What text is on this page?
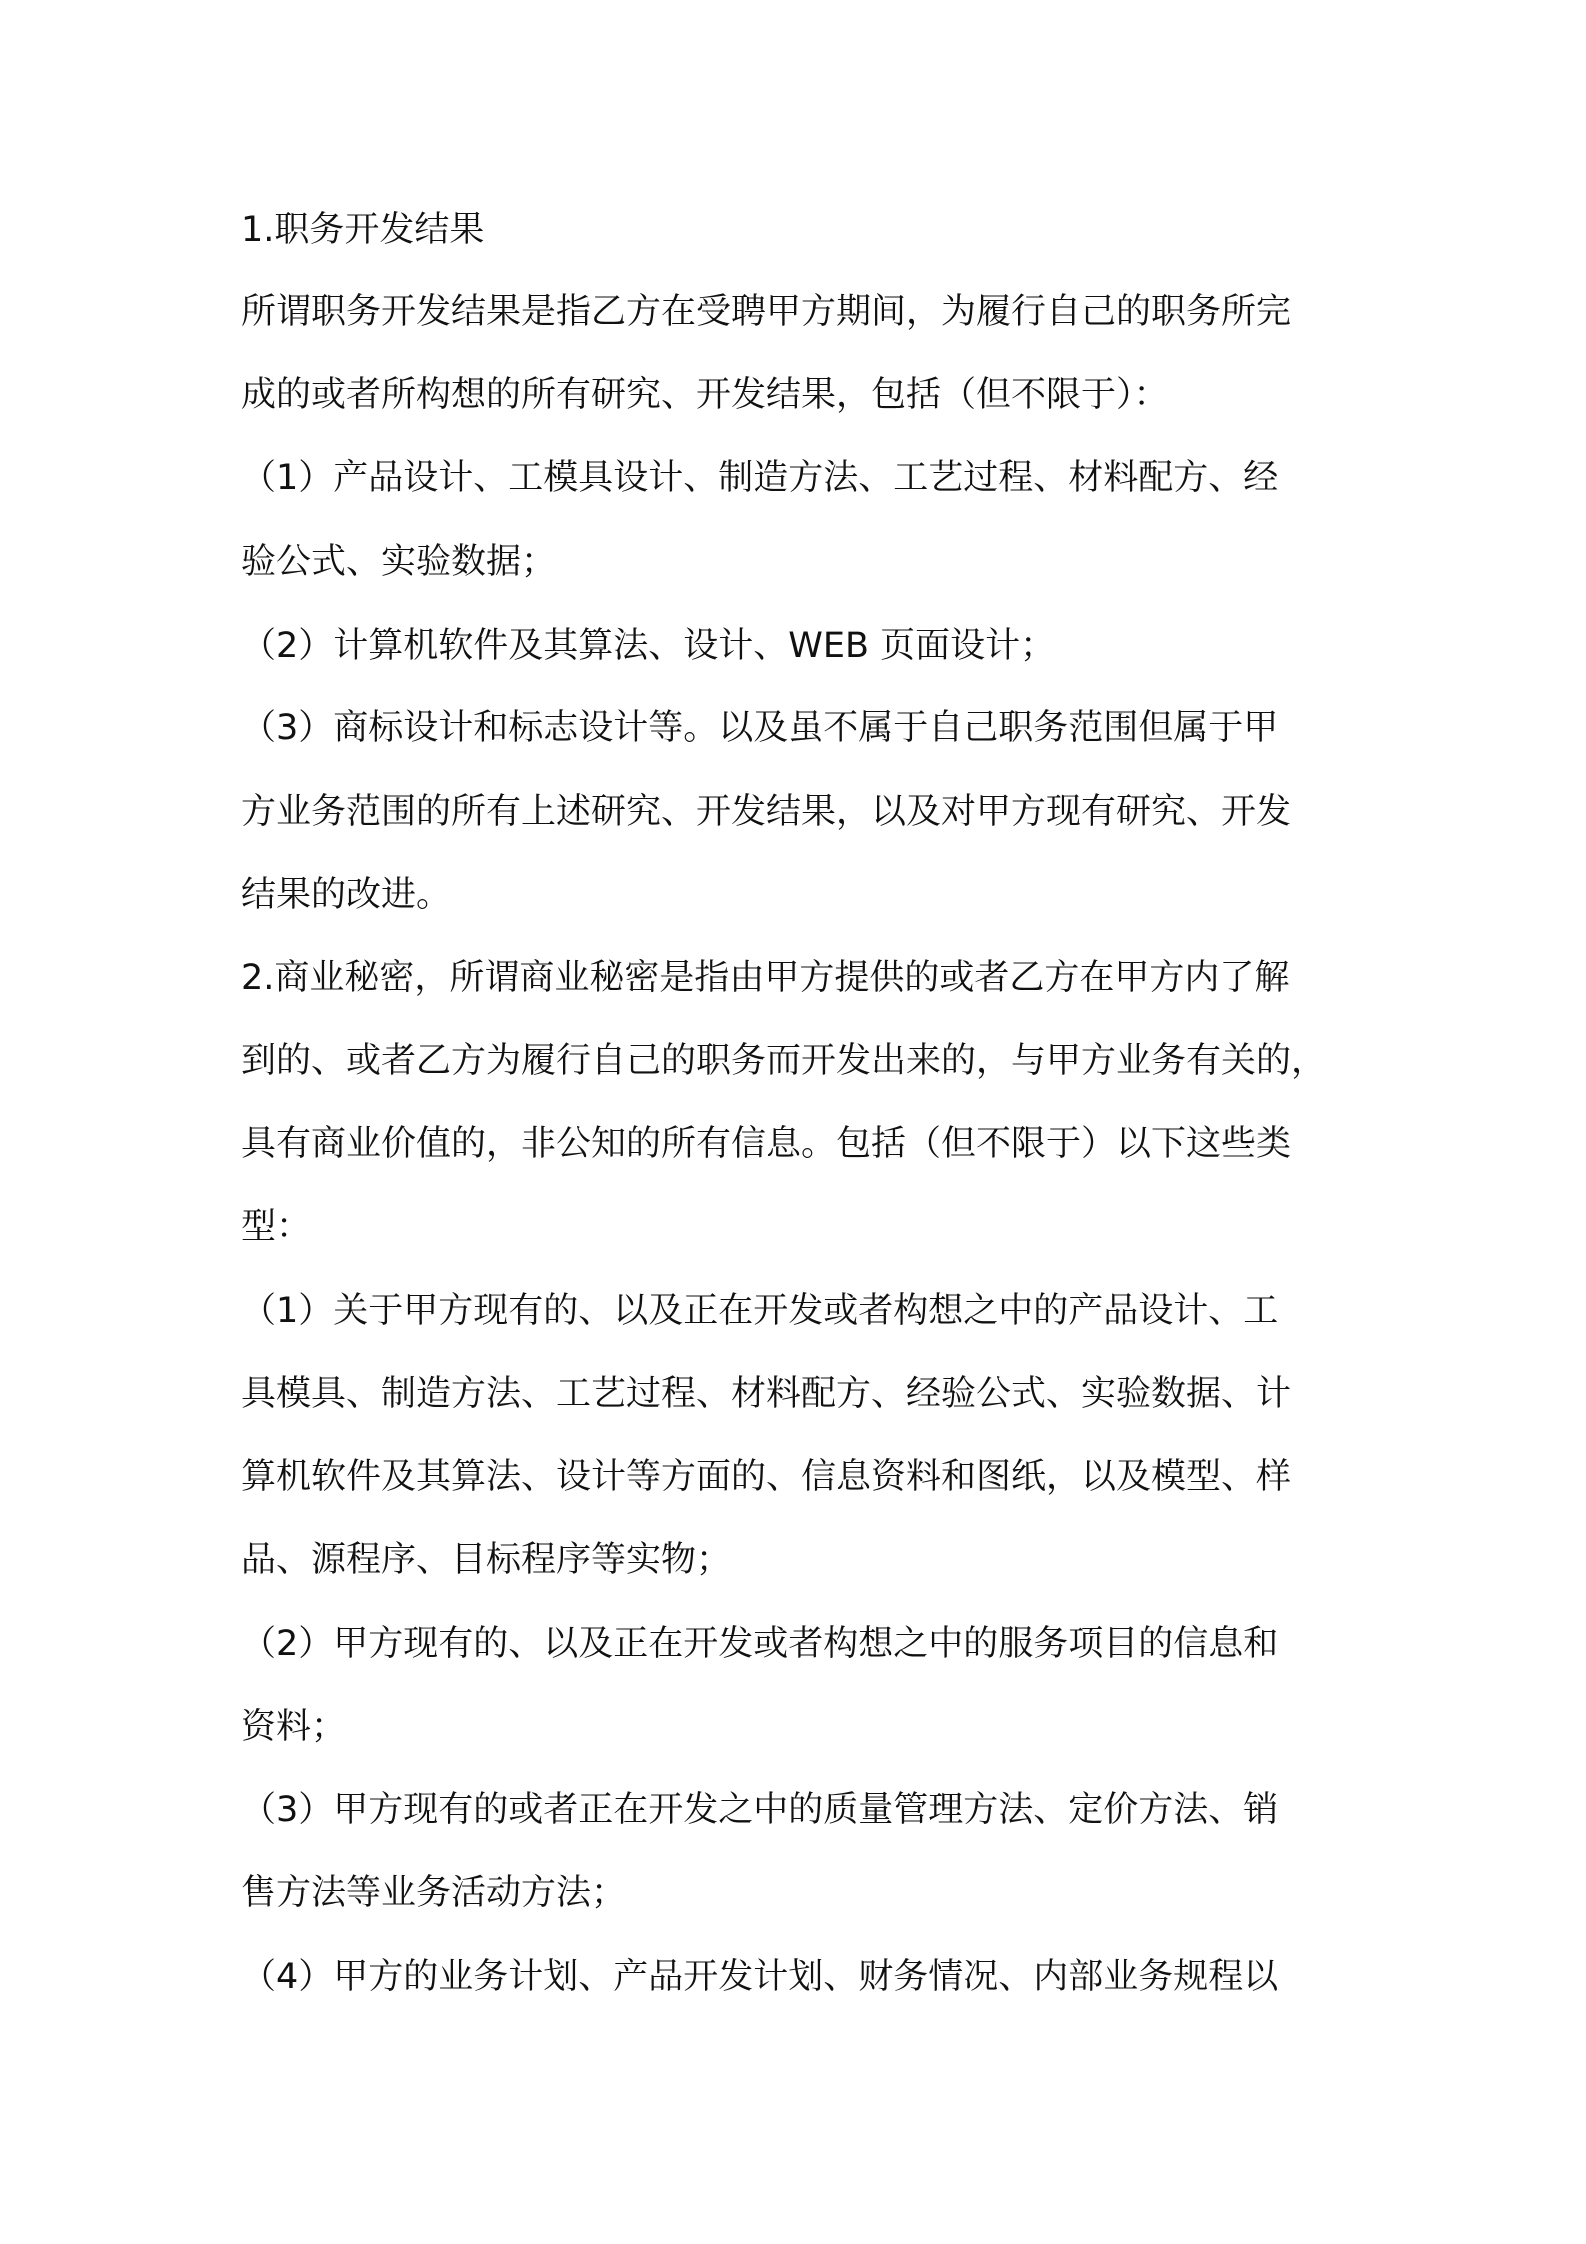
1.职务开发结果
所谓职务开发结果是指乙方在受聘甲方期间，为履行自己的职务所完
成的或者所构想的所有研究、开发结果，包括（但不限于）：
（1）产品设计、工模具设计、制造方法、工艺过程、材料配方、经
验公式、实验数据；
（2）计算机软件及其算法、设计、WEB 页面设计；
（3）商标设计和标志设计等。以及虽不属于自己职务范围但属于甲
方业务范围的所有上述研究、开发结果，以及对甲方现有研究、开发
结果的改进。
2.商业秘密，所谓商业秘密是指由甲方提供的或者乙方在甲方内了解
到的、或者乙方为履行自己的职务而开发出来的，与甲方业务有关的，
具有商业价值的，非公知的所有信息。包括（但不限于）以下这些类
型：
（1）关于甲方现有的、以及正在开发或者构想之中的产品设计、工
具模具、制造方法、工艺过程、材料配方、经验公式、实验数据、计
算机软件及其算法、设计等方面的、信息资料和图纸，以及模型、样
品、源程序、目标程序等实物；
（2）甲方现有的、以及正在开发或者构想之中的服务项目的信息和
资料；
（3）甲方现有的或者正在开发之中的质量管理方法、定价方法、销
售方法等业务活动方法；
（4）甲方的业务计划、产品开发计划、财务情况、内部业务规程以
